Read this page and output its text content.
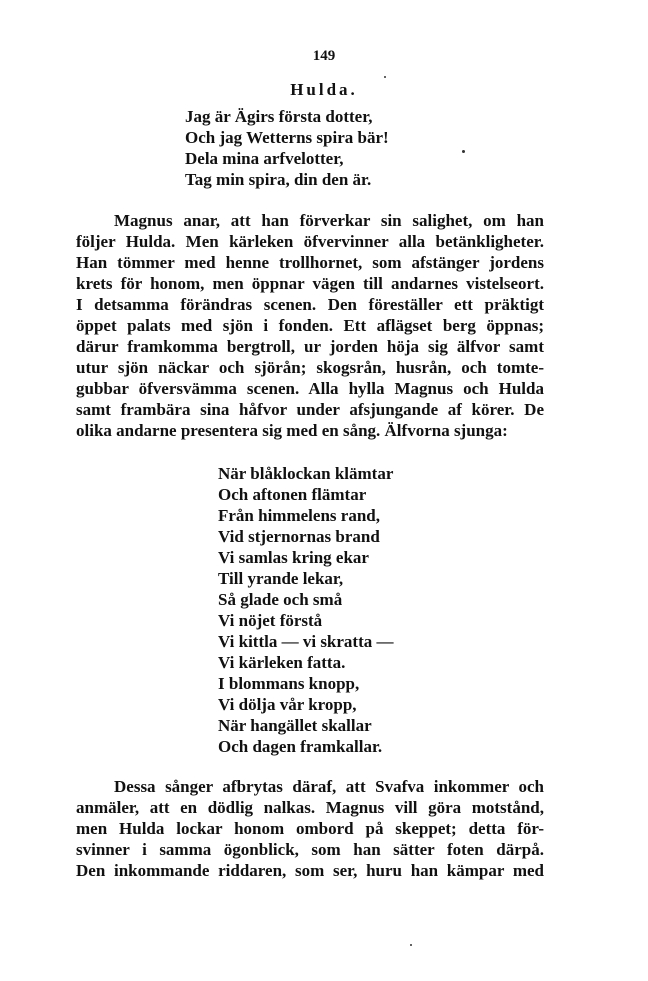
149
Hulda.
Jag är Ägirs första dotter,
Och jag Wetterns spira bär!
Dela mina arfvelotter,
Tag min spira, din den är.
Magnus anar, att han förverkar sin salighet, om han
följer Hulda. Men kärleken öfvervinner alla betänkligheter.
Han tömmer med henne trollhornet, som afstänger jordens
krets för honom, men öppnar vägen till andarnes vistelseort.
I detsamma förändras scenen. Den föreställer ett präktigt
öppet palats med sjön i fonden. Ett aflägset berg öppnas;
därur framkomma bergtroll, ur jorden höja sig älfvor samt
utur sjön näckar och sjörån; skogsrån, husrån, och tomte-
gubbar öfversvämma scenen. Alla hylla Magnus och Hulda
samt frambära sina håfvor under afsjungande af körer. De
olika andarne presentera sig med en sång. Älfvorna sjunga:
När blåklockan klämtar
Och aftonen flämtar
Från himmelens rand,
Vid stjernornas brand
Vi samlas kring ekar
Till yrande lekar,
Så glade och små
Vi nöjet förstå
Vi kittla — vi skratta —
Vi kärleken fatta.
I blommans knopp,
Vi dölja vår kropp,
När hangället skallar
Och dagen framkallar.
Dessa sånger afbrytas däraf, att Svafva inkommer och
anmäler, att en dödlig nalkas. Magnus vill göra motstånd,
men Hulda lockar honom ombord på skeppet; detta för-
svinner i samma ögonblick, som han sätter foten därpå.
Den inkommande riddaren, som ser, huru han kämpar med
